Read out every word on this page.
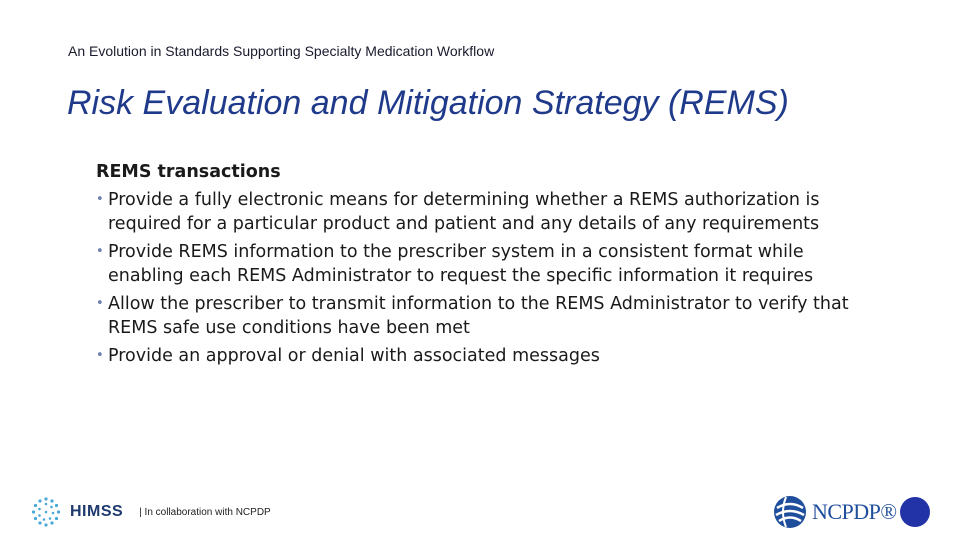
An Evolution in Standards Supporting Specialty Medication Workflow
Risk Evaluation and Mitigation Strategy (REMS)
REMS transactions
• Provide a fully electronic means for determining whether a REMS authorization is required for a particular product and patient and any details of any requirements
• Provide REMS information to the prescriber system in a consistent format while enabling each REMS Administrator to request the specific information it requires
• Allow the prescriber to transmit information to the REMS Administrator to verify that REMS safe use conditions have been met
• Provide an approval or denial with associated messages
HIMSS | In collaboration with NCPDP	NCPDP®
